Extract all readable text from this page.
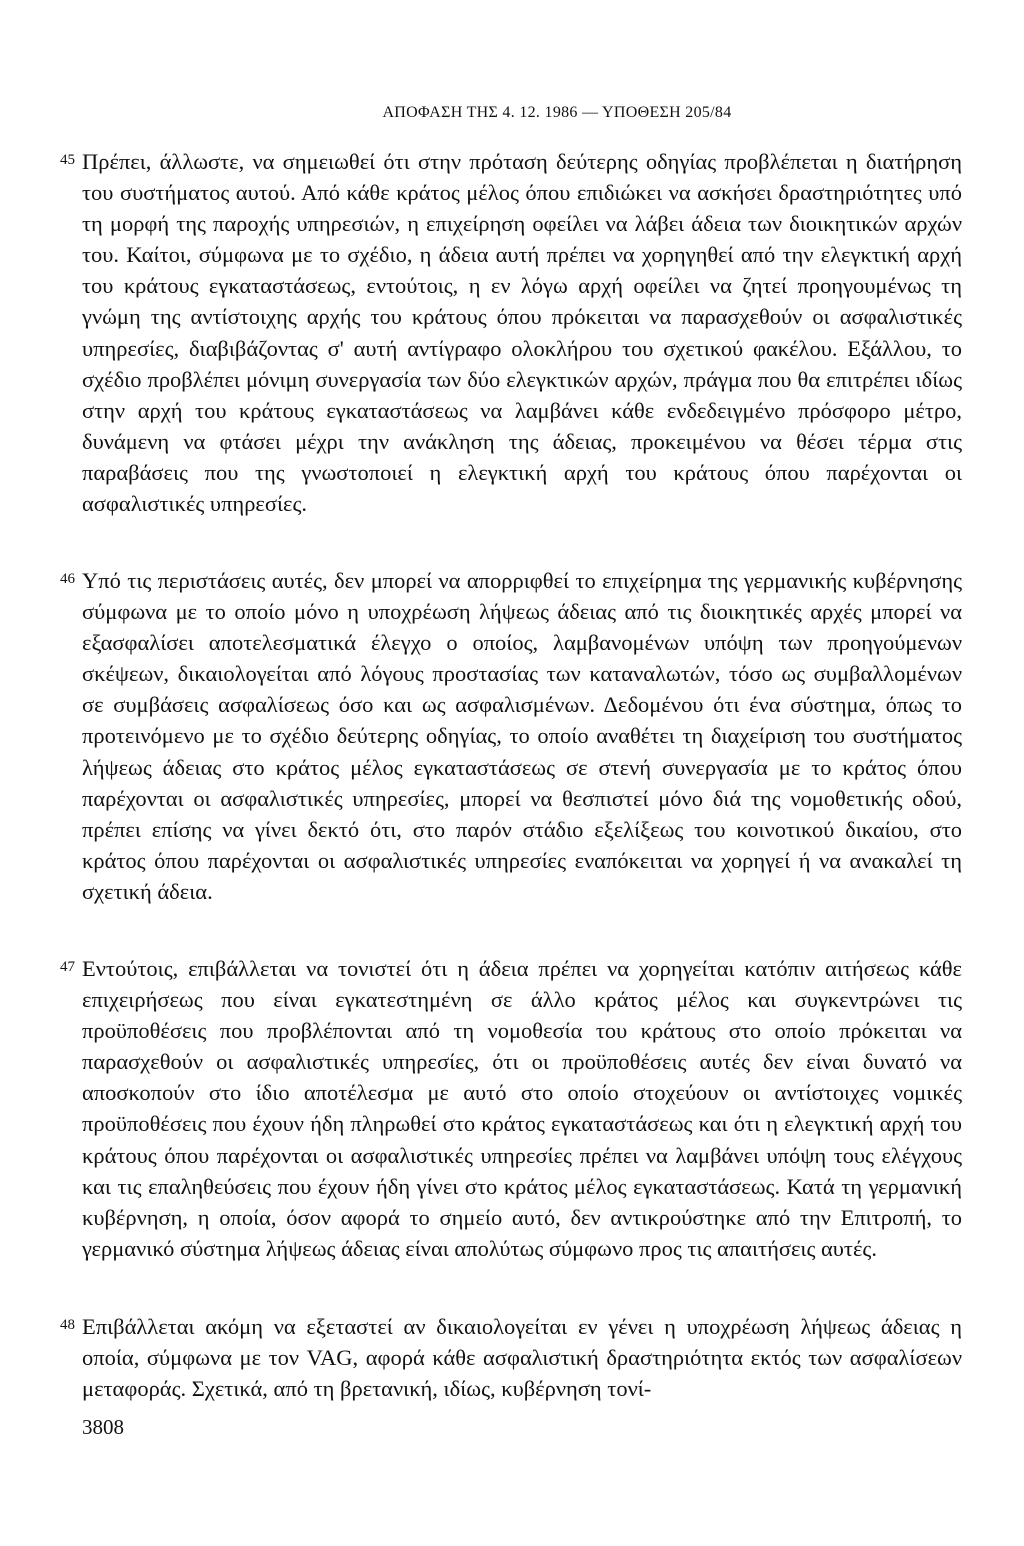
ΑΠΟΦΑΣΗ ΤΗΣ 4. 12. 1986 — ΥΠΟΘΕΣΗ 205/84
45 Πρέπει, άλλωστε, να σημειωθεί ότι στην πρόταση δεύτερης οδηγίας προβλέπεται η διατήρηση του συστήματος αυτού. Από κάθε κράτος μέλος όπου επιδιώκει να ασκήσει δραστηριότητες υπό τη μορφή της παροχής υπηρεσιών, η επιχείρηση οφείλει να λάβει άδεια των διοικητικών αρχών του. Καίτοι, σύμφωνα με το σχέδιο, η άδεια αυτή πρέπει να χορηγηθεί από την ελεγκτική αρχή του κράτους εγκαταστάσεως, εντούτοις, η εν λόγω αρχή οφείλει να ζητεί προηγουμένως τη γνώμη της αντίστοιχης αρχής του κράτους όπου πρόκειται να παρασχεθούν οι ασφαλιστικές υπηρεσίες, διαβιβάζοντας σ' αυτή αντίγραφο ολοκλήρου του σχετικού φακέλου. Εξάλλου, το σχέδιο προβλέπει μόνιμη συνεργασία των δύο ελεγκτικών αρχών, πράγμα που θα επιτρέπει ιδίως στην αρχή του κράτους εγκαταστάσεως να λαμβάνει κάθε ενδεδειγμένο πρόσφορο μέτρο, δυνάμενη να φτάσει μέχρι την ανάκληση της άδειας, προκειμένου να θέσει τέρμα στις παραβάσεις που της γνωστοποιεί η ελεγκτική αρχή του κράτους όπου παρέχονται οι ασφαλιστικές υπηρεσίες.

46 Υπό τις περιστάσεις αυτές, δεν μπορεί να απορριφθεί το επιχείρημα της γερμανικής κυβέρνησης σύμφωνα με το οποίο μόνο η υποχρέωση λήψεως άδειας από τις διοικητικές αρχές μπορεί να εξασφαλίσει αποτελεσματικά έλεγχο ο οποίος, λαμβανομένων υπόψη των προηγούμενων σκέψεων, δικαιολογείται από λόγους προστασίας των καταναλωτών, τόσο ως συμβαλλομένων σε συμβάσεις ασφαλίσεως όσο και ως ασφαλισμένων. Δεδομένου ότι ένα σύστημα, όπως το προτεινόμενο με το σχέδιο δεύτερης οδηγίας, το οποίο αναθέτει τη διαχείριση του συστήματος λήψεως άδειας στο κράτος μέλος εγκαταστάσεως σε στενή συνεργασία με το κράτος όπου παρέχονται οι ασφαλιστικές υπηρεσίες, μπορεί να θεσπιστεί μόνο διά της νομοθετικής οδού, πρέπει επίσης να γίνει δεκτό ότι, στο παρόν στάδιο εξελίξεως του κοινοτικού δικαίου, στο κράτος όπου παρέχονται οι ασφαλιστικές υπηρεσίες εναπόκειται να χορηγεί ή να ανακαλεί τη σχετική άδεια.

47 Εντούτοις, επιβάλλεται να τονιστεί ότι η άδεια πρέπει να χορηγείται κατόπιν αιτήσεως κάθε επιχειρήσεως που είναι εγκατεστημένη σε άλλο κράτος μέλος και συγκεντρώνει τις προϋποθέσεις που προβλέπονται από τη νομοθεσία του κράτους στο οποίο πρόκειται να παρασχεθούν οι ασφαλιστικές υπηρεσίες, ότι οι προϋποθέσεις αυτές δεν είναι δυνατό να αποσκοπούν στο ίδιο αποτέλεσμα με αυτό στο οποίο στοχεύουν οι αντίστοιχες νομικές προϋποθέσεις που έχουν ήδη πληρωθεί στο κράτος εγκαταστάσεως και ότι η ελεγκτική αρχή του κράτους όπου παρέχονται οι ασφαλιστικές υπηρεσίες πρέπει να λαμβάνει υπόψη τους ελέγχους και τις επαληθεύσεις που έχουν ήδη γίνει στο κράτος μέλος εγκαταστάσεως. Κατά τη γερμανική κυβέρνηση, η οποία, όσον αφορά το σημείο αυτό, δεν αντικρούστηκε από την Επιτροπή, το γερμανικό σύστημα λήψεως άδειας είναι απολύτως σύμφωνο προς τις απαιτήσεις αυτές.

48 Επιβάλλεται ακόμη να εξεταστεί αν δικαιολογείται εν γένει η υποχρέωση λήψεως άδειας η οποία, σύμφωνα με τον VAG, αφορά κάθε ασφαλιστική δραστηριότητα εκτός των ασφαλίσεων μεταφοράς. Σχετικά, από τη βρετανική, ιδίως, κυβέρνηση τονί-

3808
